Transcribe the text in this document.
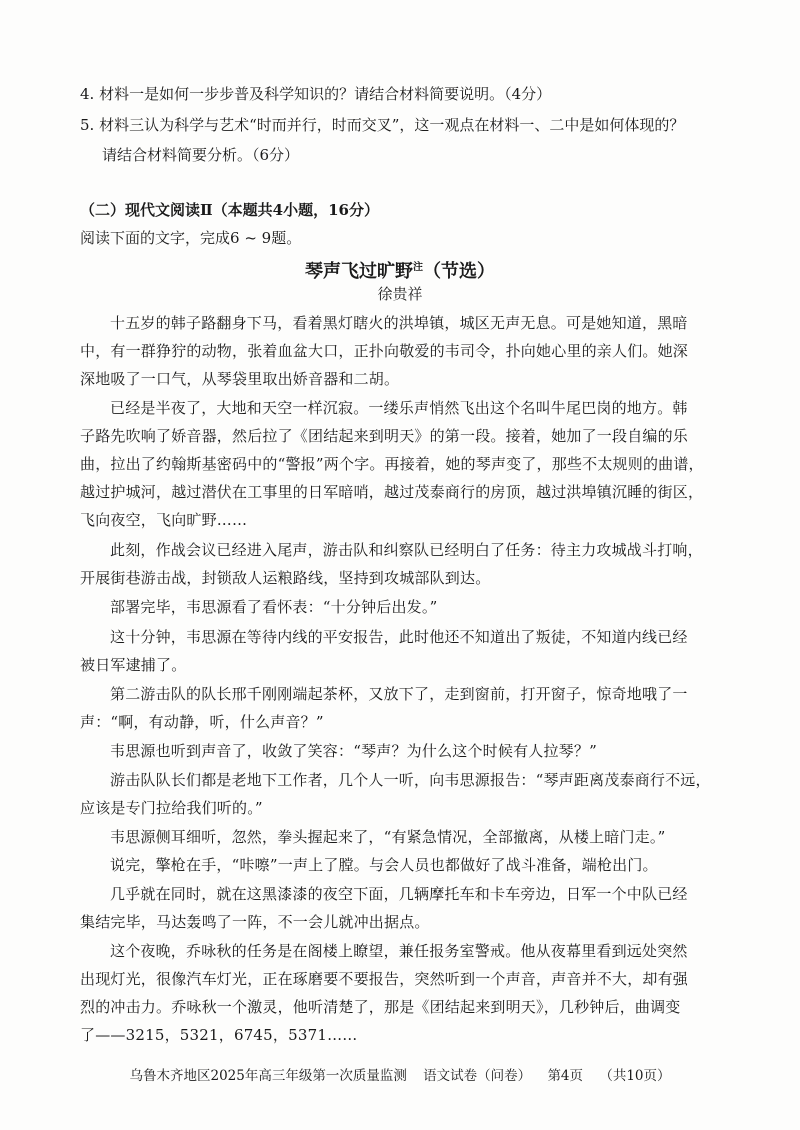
4. 材料一是如何一步步普及科学知识的？请结合材料简要说明。（4分）
5. 材料三认为科学与艺术“时而并行，时而交叉”，这一观点在材料一、二中是如何体现的？
请结合材料简要分析。（6分）
（二）现代文阅读Ⅱ（本题共4小题，16分）
阅读下面的文字，完成6 ~ 9题。
琴声飞过旷野$^注$（节选）
徐贵祥
十五岁的韩子路翻身下马，看着黑灯瞎火的洪埠镇，城区无声无息。可是她知道，黑暗
中，有一群狰狞的动物，张着血盆大口，正扑向敬爱的韦司令，扑向她心里的亲人们。她深
深地吸了一口气，从琴袋里取出娇音器和二胡。
已经是半夜了，大地和天空一样沉寂。一缕乐声悄然飞出这个名叫牛尾巴岗的地方。韩
子路先吹响了娇音器，然后拉了《团结起来到明天》的第一段。接着，她加了一段自编的乐
曲，拉出了约翰斯基密码中的“警报”两个字。再接着，她的琴声变了，那些不太规则的曲谱，
越过护城河，越过潜伏在工事里的日军暗哨，越过茂泰商行的房顶，越过洪埠镇沉睡的街区，
飞向夜空，飞向旷野……
此刻，作战会议已经进入尾声，游击队和纠察队已经明白了任务：待主力攻城战斗打响，
开展街巷游击战，封锁敌人运粮路线，坚持到攻城部队到达。
部署完毕，韦思源看了看怀表：“十分钟后出发。”
这十分钟，韦思源在等待内线的平安报告，此时他还不知道出了叛徒，不知道内线已经
被日军逮捕了。
第二游击队的队长邢千刚刚端起茶杯，又放下了，走到窗前，打开窗子，惊奇地哦了一
声：“啊，有动静，听，什么声音？”
韦思源也听到声音了，收敛了笑容：“琴声？为什么这个时候有人拉琴？”
游击队队长们都是老地下工作者，几个人一听，向韦思源报告：“琴声距离茂泰商行不远，
应该是专门拉给我们听的。”
韦思源侧耳细听，忽然，拳头握起来了，“有紧急情况，全部撤离，从楼上暗门走。”
说完，擎枪在手，“咔嚓”一声上了膛。与会人员也都做好了战斗准备，端枪出门。
几乎就在同时，就在这黑漆漆的夜空下面，几辆摩托车和卡车旁边，日军一个中队已经
集结完毕，马达轰鸣了一阵，不一会儿就冲出据点。
这个夜晚，乔咏秋的任务是在阁楼上瞭望，兼任报务室警戒。他从夜幕里看到远处突然
出现灯光，很像汽车灯光，正在琢磨要不要报告，突然听到一个声音，声音并不大，却有强
烈的冲击力。乔咏秋一个激灵，他听清楚了，那是《团结起来到明天》，几秒钟后，曲调变
了——3215，5321，6745，5371……
乌鲁木齐地区2025年高三年级第一次质量监测 语文试卷（问卷） 第4页 （共10页）
